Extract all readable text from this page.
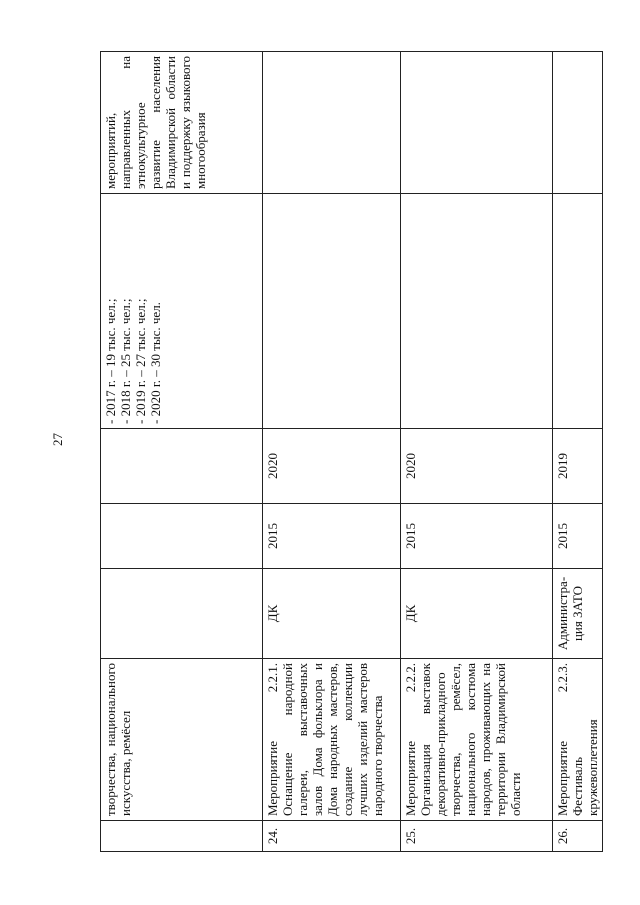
27
	творчества, национального искусства, ремёсел				- 2017 г. – 19 тыс. чел.; - 2018 г. – 25 тыс. чел.; - 2019 г. – 27 тыс. чел.; - 2020 г. – 30 тыс. чел.	мероприятий, направленных на этнокультурное развитие населения Владимирской области и поддержку языкового многообразия
24.	Мероприятие 2.2.1. Оснащение народной галереи, выставочных залов Дома фольклора и Дома народных мастеров, создание коллекции лучших изделий мастеров народного творчества	ДК	2015	2020		
25.	Мероприятие 2.2.2. Организация выставок декоративно-прикладного творчества, ремёсел, национального костюма народов, проживающих на территории Владимирской области	ДК	2015	2020		
26.	Мероприятие 2.2.3. Фестиваль кружевоплетения	Администра-ция ЗАТО	2015	2019		
